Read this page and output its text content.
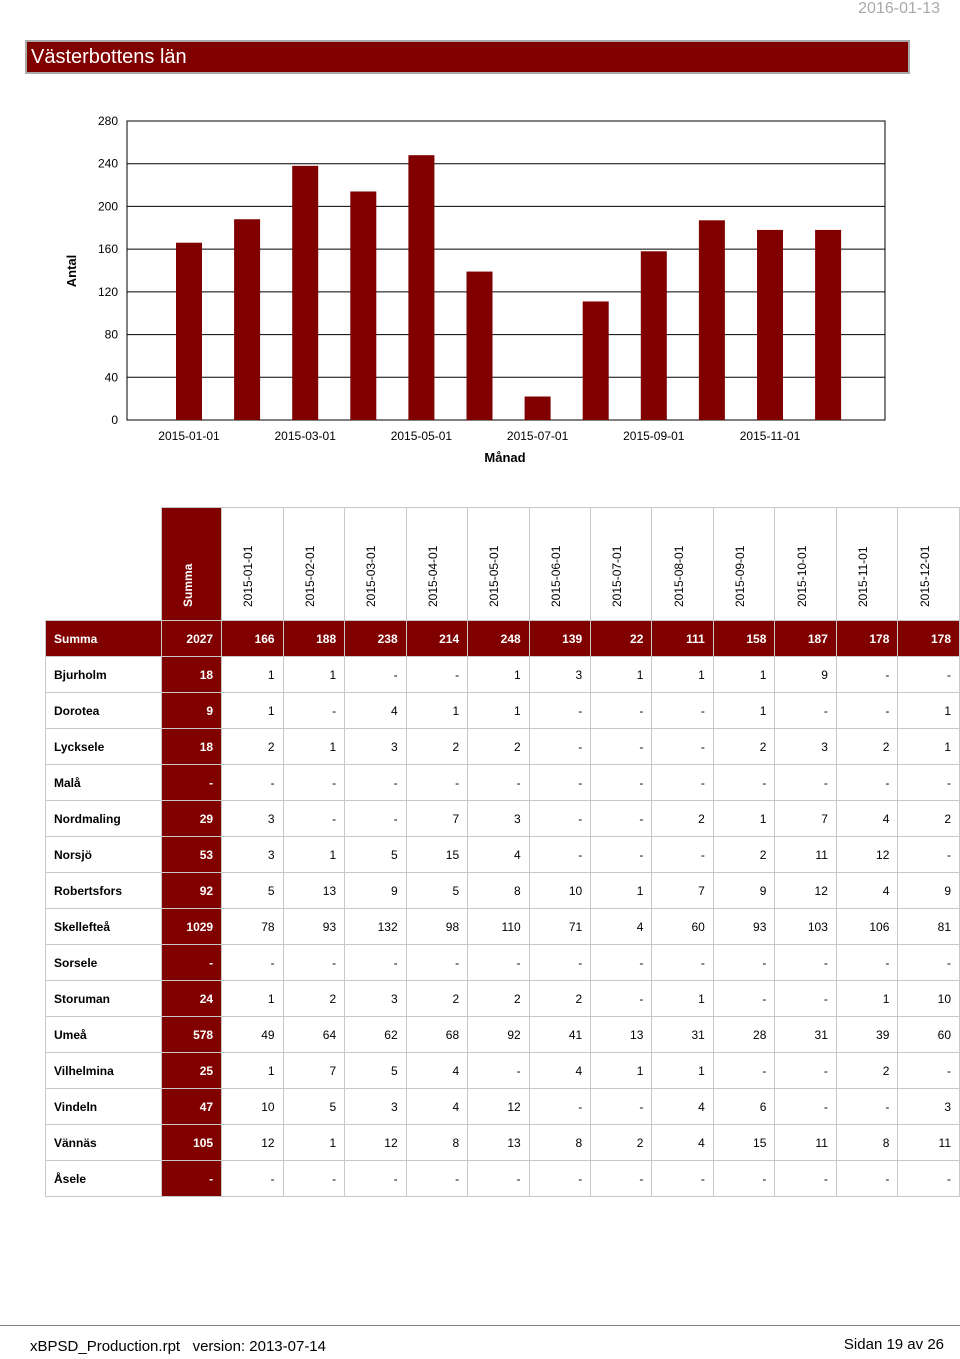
2016-01-13
Västerbottens län
0
40
80
120
160
200
240
280
2015-01-01	2015-03-01	2015-05-01	2015-07-01	2015-09-01	2015-11-01
Månad
Antal

	Summa	2015-01-01	2015-02-01	2015-03-01	2015-04-01	2015-05-01	2015-06-01	2015-07-01	2015-08-01	2015-09-01	2015-10-01	2015-11-01	2015-12-01

Summa	2027	166	188	238	214	248	139	22	111	158	187	178	178
Bjurholm	18	1	1	-	-	1	3	1	1	1	9	-	-
Dorotea	9	1	-	4	1	1	-	-	-	1	-	-	1
Lycksele	18	2	1	3	2	2	-	-	-	2	3	2	1
Malå	-	-	-	-	-	-	-	-	-	-	-	-	-
Nordmaling	29	3	-	-	7	3	-	-	2	1	7	4	2
Norsjö	53	3	1	5	15	4	-	-	-	2	11	12	-
Robertsfors	92	5	13	9	5	8	10	1	7	9	12	4	9
Skellefteå	1029	78	93	132	98	110	71	4	60	93	103	106	81
Sorsele	-	-	-	-	-	-	-	-	-	-	-	-	-
Storuman	24	1	2	3	2	2	2	-	1	-	-	1	10
Umeå	578	49	64	62	68	92	41	13	31	28	31	39	60
Vilhelmina	25	1	7	5	4	-	4	1	1	-	-	2	-
Vindeln	47	10	5	3	4	12	-	-	4	6	-	-	3
Vännäs	105	12	1	12	8	13	8	2	4	15	11	8	11
Åsele	-	-	-	-	-	-	-	-	-	-	-	-	-
xBPSD_Production.rpt   version: 2013-07-14	Sidan 19 av 26
